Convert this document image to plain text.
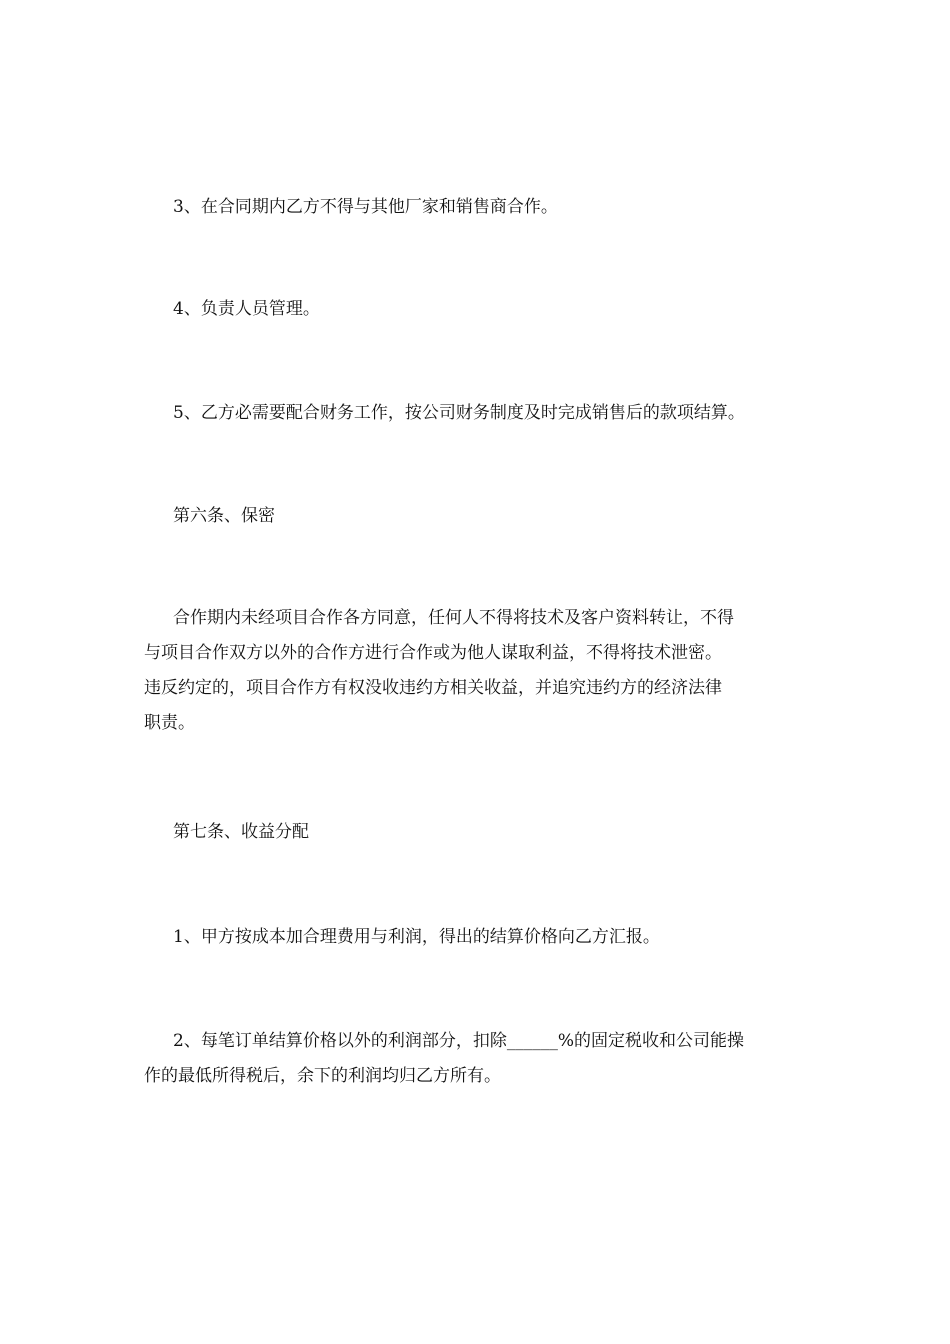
3、在合同期内乙方不得与其他厂家和销售商合作。

4、负责人员管理。

5、乙方必需要配合财务工作，按公司财务制度及时完成销售后的款项结算。

第六条、保密

合作期内未经项目合作各方同意，任何人不得将技术及客户资料转让，不得
与项目合作双方以外的合作方进行合作或为他人谋取利益，不得将技术泄密。
违反约定的，项目合作方有权没收违约方相关收益，并追究违约方的经济法律
职责。

第七条、收益分配

1、甲方按成本加合理费用与利润，得出的结算价格向乙方汇报。

2、每笔订单结算价格以外的利润部分，扣除______%的固定税收和公司能操
作的最低所得税后，余下的利润均归乙方所有。
